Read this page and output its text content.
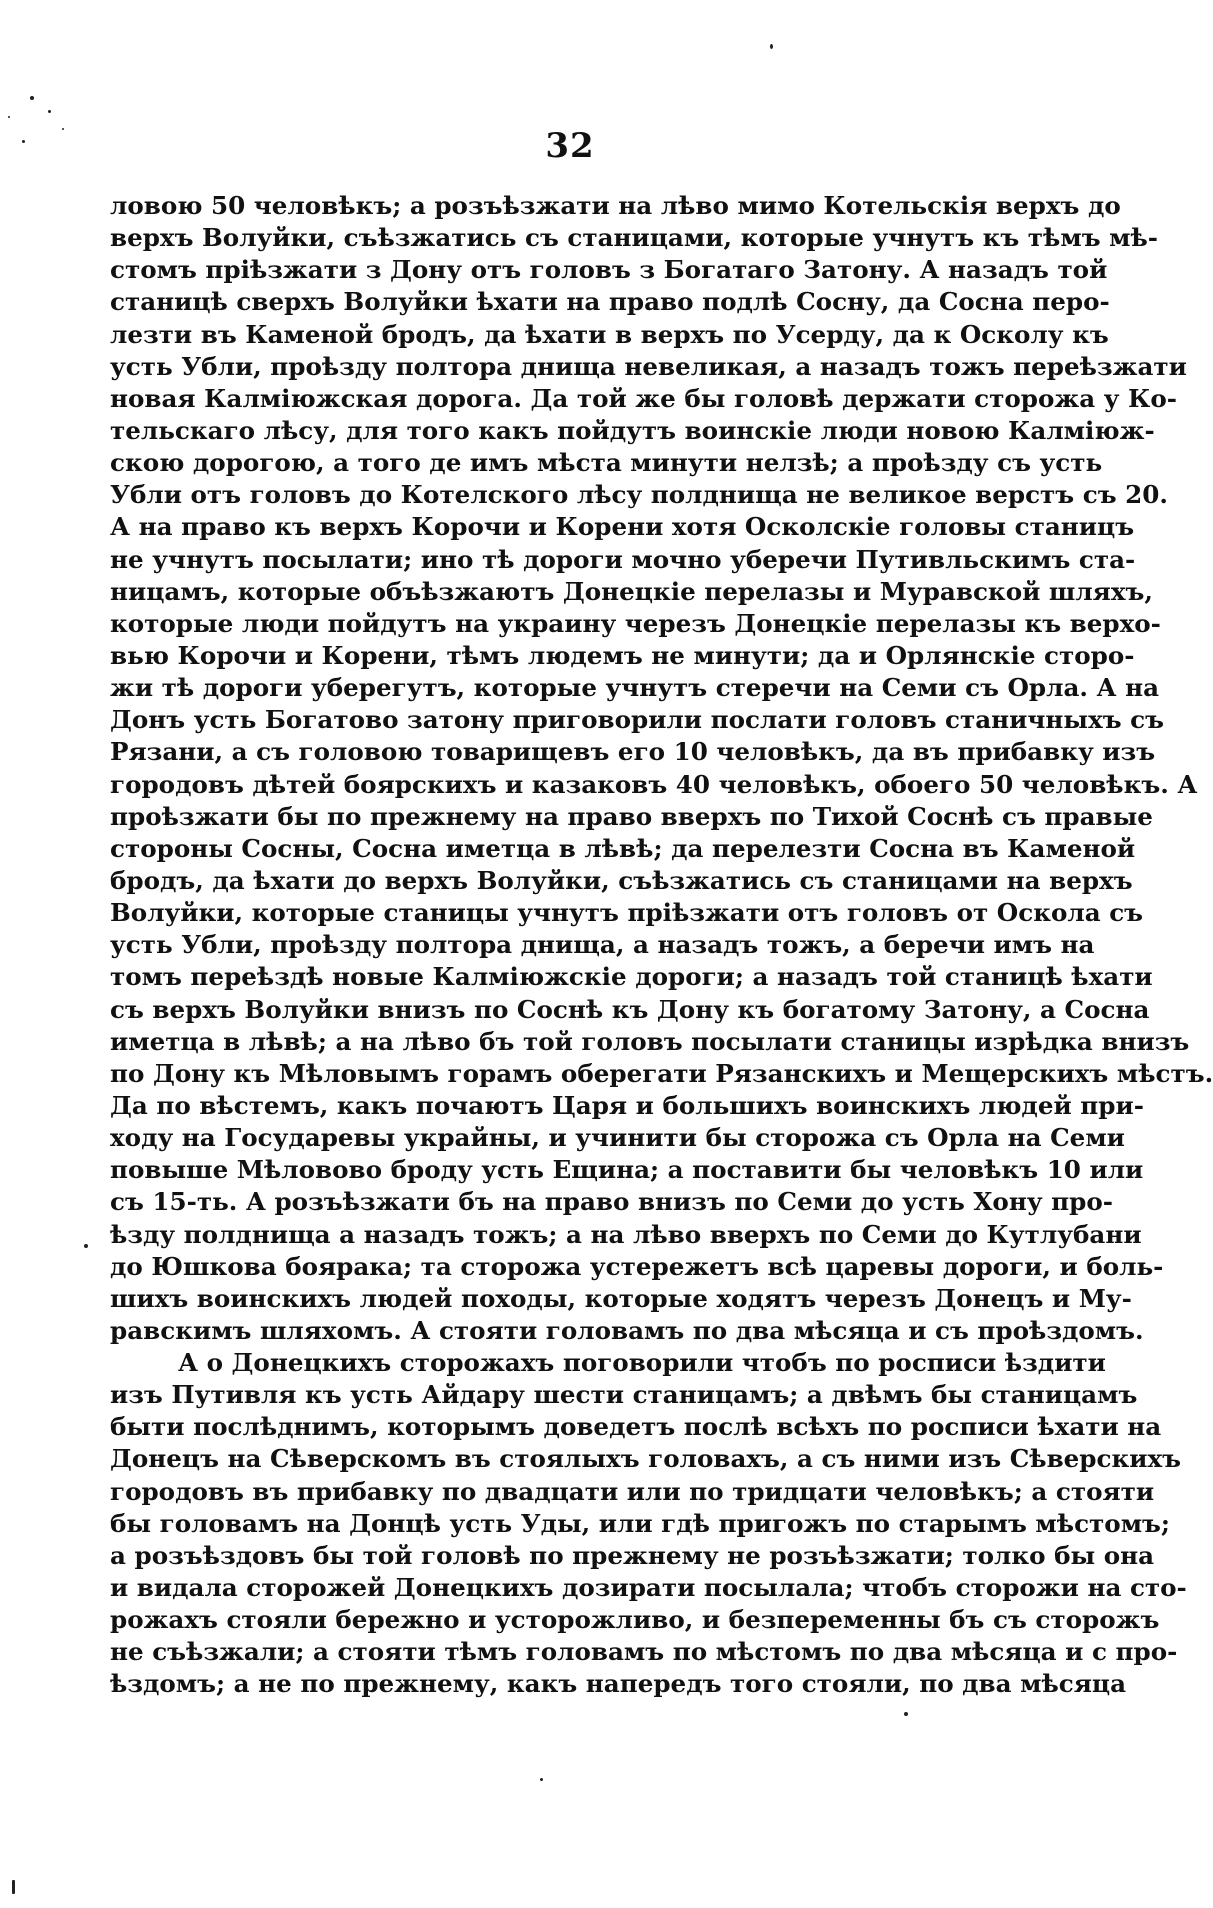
32
ловою 50 человѣкъ; а розъѣзжати на лѣво мимо Котельскiя верхъ до
верхъ Волуйки, съѣзжатись съ станицами, которые учнутъ къ тѣмъ мѣ-
стомъ прiѣзжати з Дону отъ головъ з Богатаго Затону. А назадъ той
станицѣ сверхъ Волуйки ѣхати на право подлѣ Сосну, да Сосна перо-
лезти въ Каменой бродъ, да ѣхати в верхъ по Усерду, да к Осколу къ
усть Убли, проѣзду полтора днища невеликая, а назадъ тожъ переѣзжати
новая Калмiюжская дорога. Да той же бы головѣ держати сторожа у Ко-
тельскаго лѣсу, для того какъ пойдутъ воинскiе люди новою Калмiюж-
скою дорогою, а того де имъ мѣста минути нелзѣ; а проѣзду съ усть
Убли отъ головъ до Котелского лѣсу полднища не великое верстъ съ 20.
А на право къ верхъ Корочи и Корени хотя Осколскiе головы станицъ
не учнутъ посылати; ино тѣ дороги мочно уберечи Путивльскимъ ста-
ницамъ, которые объѣзжаютъ Донецкiе перелазы и Муравской шляхъ,
которые люди пойдутъ на украину черезъ Донецкiе перелазы къ верхо-
вью Корочи и Корени, тѣмъ людемъ не минути; да и Орлянскiе сторо-
жи тѣ дороги уберегутъ, которые учнутъ стеречи на Семи съ Орла. А на
Донъ усть Богатово затону приговорили послати головъ станичныхъ съ
Рязани, а съ головою товарищевъ его 10 человѣкъ, да въ прибавку изъ
городовъ дѣтей боярскихъ и казаковъ 40 человѣкъ, обоего 50 человѣкъ. А
проѣзжати бы по прежнему на право вверхъ по Тихой Соснѣ съ правые
стороны Сосны, Сосна иметца в лѣвѣ; да перелезти Сосна въ Каменой
бродъ, да ѣхати до верхъ Волуйки, съѣзжатись съ станицами на верхъ
Волуйки, которые станицы учнутъ прiѣзжати отъ головъ от Оскола съ
усть Убли, проѣзду полтора днища, а назадъ тожъ, а беречи имъ на
томъ переѣздѣ новые Калмiюжскiе дороги; а назадъ той станицѣ ѣхати
съ верхъ Волуйки внизъ по Соснѣ къ Дону къ богатому Затону, а Сосна
иметца в лѣвѣ; а на лѣво бъ той головъ посылати станицы изрѣдка внизъ
по Дону къ Мѣловымъ горамъ оберегати Рязанскихъ и Мещерскихъ мѣстъ.
Да по вѣстемъ, какъ почаютъ Царя и большихъ воинскихъ людей при-
ходу на Государевы украйны, и учинити бы сторожа съ Орла на Семи
повыше Мѣловово броду усть Ещина; а поставити бы человѣкъ 10 или
съ 15-ть. А розъѣзжати бъ на право внизъ по Семи до усть Хону про-
ѣзду полднища а назадъ тожъ; а на лѣво вверхъ по Семи до Кутлубани
до Юшкова боярака; та сторожа устережетъ всѣ царевы дороги, и боль-
шихъ воинскихъ людей походы, которые ходятъ черезъ Донецъ и Му-
равскимъ шляхомъ. А стояти головамъ по два мѣсяца и съ проѣздомъ.
А о Донецкихъ сторожахъ поговорили чтобъ по росписи ѣздити
изъ Путивля къ усть Айдару шести станицамъ; а двѣмъ бы станицамъ
быти послѣднимъ, которымъ доведетъ послѣ всѣхъ по росписи ѣхати на
Донецъ на Сѣверскомъ въ стоялыхъ головахъ, а съ ними изъ Сѣверскихъ
городовъ въ прибавку по двадцати или по тридцати человѣкъ; а стояти
бы головамъ на Донцѣ усть Уды, или гдѣ пригожъ по старымъ мѣстомъ;
а розъѣздовъ бы той головѣ по прежнему не розъѣзжати; толко бы она
и видала сторожей Донецкихъ дозирати посылала; чтобъ сторожи на сто-
рожахъ стояли бережно и усторожливо, и безпеременны бъ съ сторожъ
не съѣзжали; а стояти тѣмъ головамъ по мѣстомъ по два мѣсяца и с про-
ѣздомъ; а не по прежнему, какъ напередъ того стояли, по два мѣсяца
